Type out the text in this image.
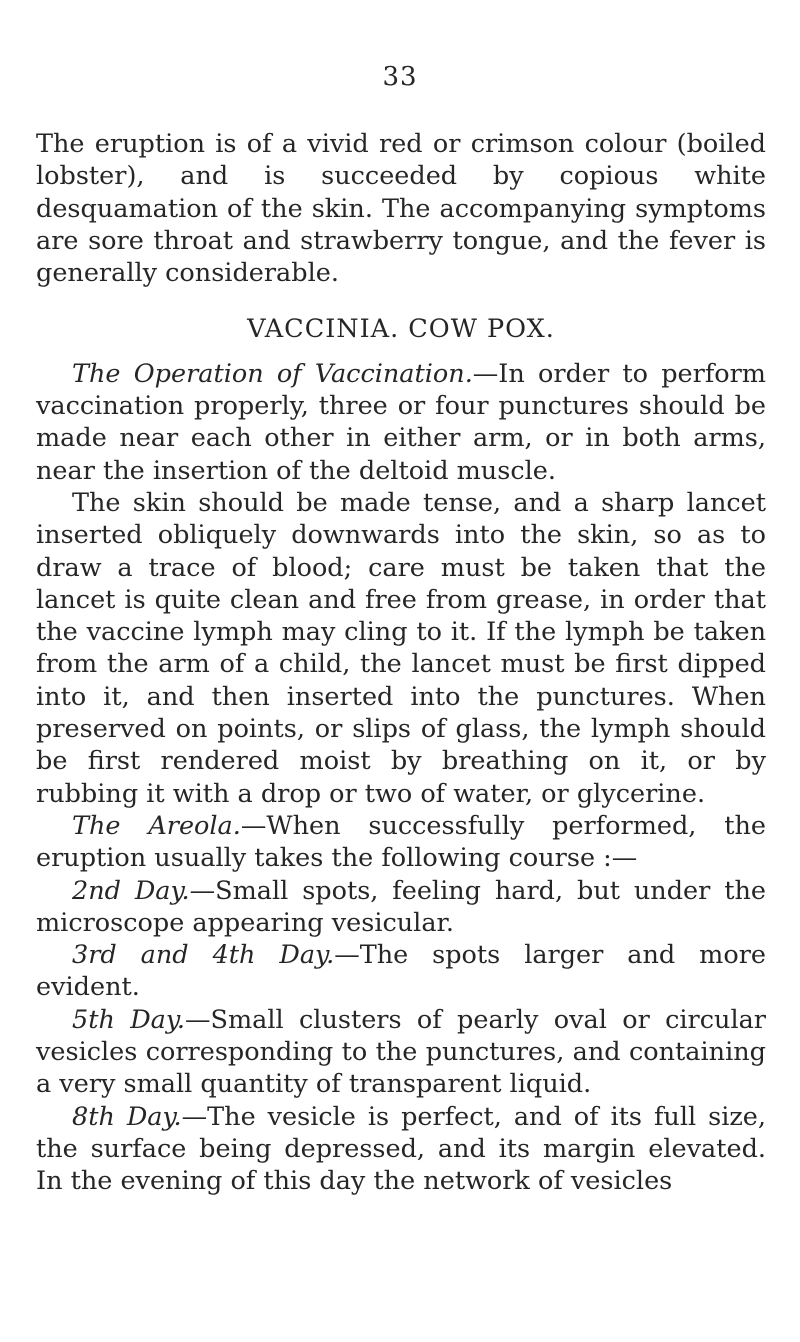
33

The eruption is of a vivid red or crimson colour (boiled lobster), and is succeeded by copious white desquamation of the skin. The accompanying symptoms are sore throat and strawberry tongue, and the fever is generally considerable.

VACCINIA. COW POX.

The Operation of Vaccination.—In order to perform vaccination properly, three or four punctures should be made near each other in either arm, or in both arms, near the insertion of the deltoid muscle.

The skin should be made tense, and a sharp lancet inserted obliquely downwards into the skin, so as to draw a trace of blood; care must be taken that the lancet is quite clean and free from grease, in order that the vaccine lymph may cling to it. If the lymph be taken from the arm of a child, the lancet must be first dipped into it, and then inserted into the punctures. When preserved on points, or slips of glass, the lymph should be first rendered moist by breathing on it, or by rubbing it with a drop or two of water, or glycerine.

The Areola.—When successfully performed, the eruption usually takes the following course :—

2nd Day.—Small spots, feeling hard, but under the microscope appearing vesicular.

3rd and 4th Day.—The spots larger and more evident.

5th Day.—Small clusters of pearly oval or circular vesicles corresponding to the punctures, and containing a very small quantity of transparent liquid.

8th Day.—The vesicle is perfect, and of its full size, the surface being depressed, and its margin elevated. In the evening of this day the network of vesicles
